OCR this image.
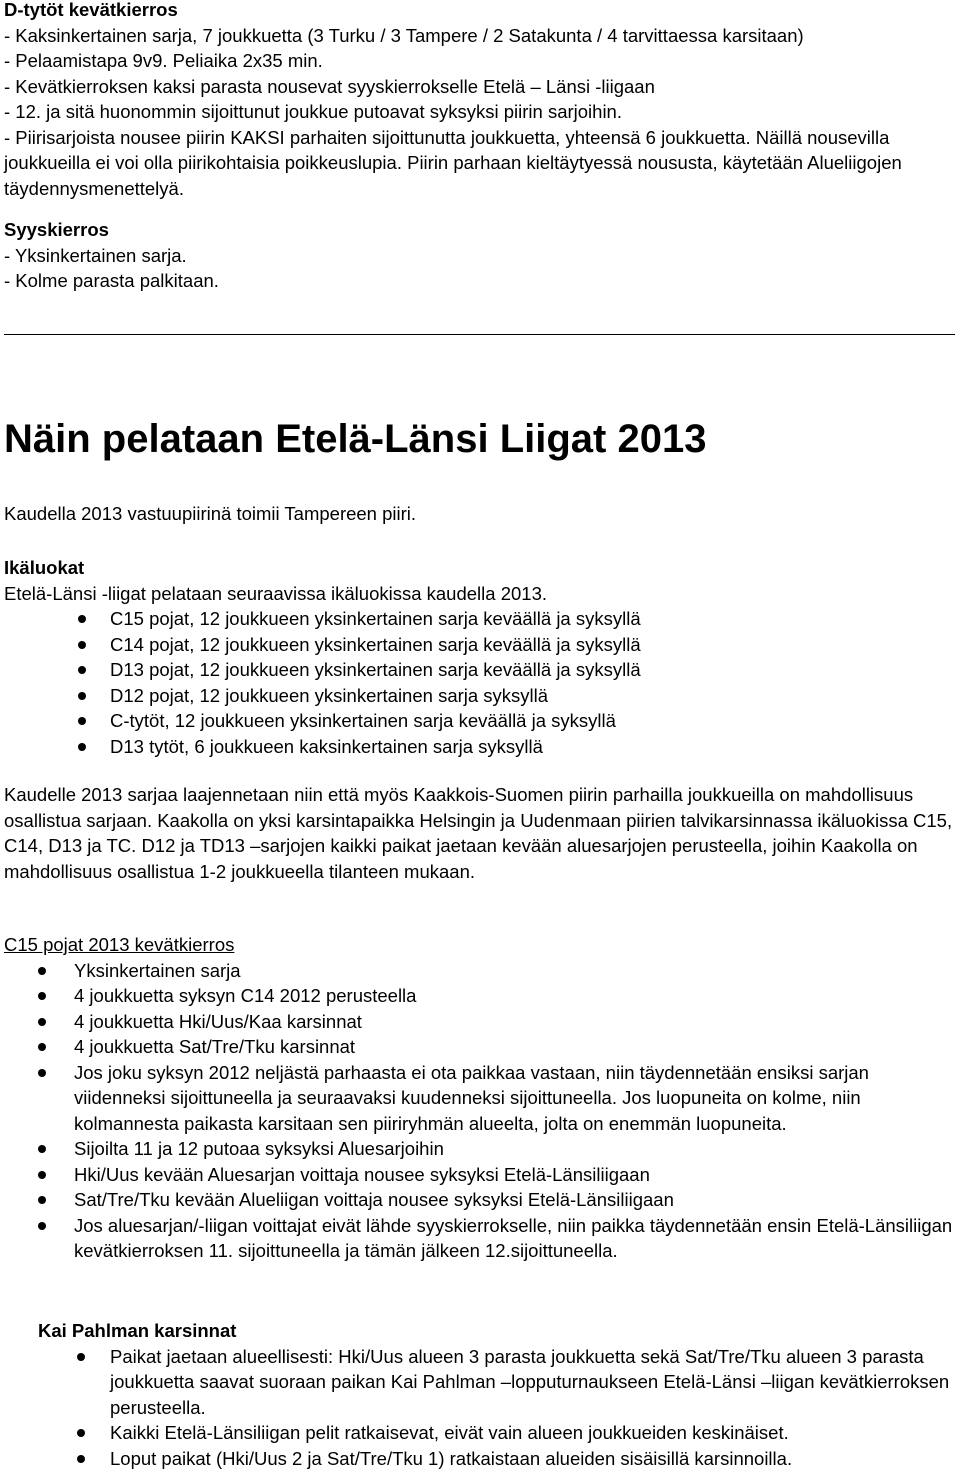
D-tytöt kevätkierros

- Kaksinkertainen sarja, 7 joukkuetta (3 Turku / 3 Tampere / 2 Satakunta / 4 tarvittaessa karsitaan)

- Pelaamistapa 9v9. Peliaika 2x35 min.

- Kevätkierroksen kaksi parasta nousevat syyskierrokselle Etelä – Länsi -liigaan

- 12. ja sitä huonommin sijoittunut joukkue putoavat syksyksi piirin sarjoihin.

- Piirisarjoista nousee piirin KAKSI parhaiten sijoittunutta joukkuetta, yhteensä 6 joukkuetta. Näillä nousevilla joukkueilla ei voi olla piirikohtaisia poikkeuslupia. Piirin parhaan kieltäytyessä noususta, käytetään Alueliigojen täydennysmenettelyä.

Syyskierros

- Yksinkertainen sarja.

- Kolme parasta palkitaan.

Näin pelataan Etelä-Länsi Liigat 2013

Kaudella 2013 vastuupiirinä toimii Tampereen piiri.

Ikäluokat

Etelä-Länsi -liigat pelataan seuraavissa ikäluokissa kaudella 2013.

C15 pojat, 12 joukkueen yksinkertainen sarja keväällä ja syksyllä
C14 pojat, 12 joukkueen yksinkertainen sarja keväällä ja syksyllä
D13 pojat, 12 joukkueen yksinkertainen sarja keväällä ja syksyllä
D12 pojat, 12 joukkueen yksinkertainen sarja syksyllä
C-tytöt, 12 joukkueen yksinkertainen sarja keväällä ja syksyllä
D13 tytöt, 6 joukkueen kaksinkertainen sarja syksyllä

Kaudelle 2013 sarjaa laajennetaan niin että myös Kaakkois-Suomen piirin parhailla joukkueilla on mahdollisuus osallistua sarjaan. Kaakolla on yksi karsintapaikka Helsingin ja Uudenmaan piirien talvikarsinnassa ikäluokissa C15, C14, D13 ja TC. D12 ja TD13 –sarjojen kaikki paikat jaetaan kevään aluesarjojen perusteella, joihin Kaakolla on mahdollisuus osallistua 1-2 joukkueella tilanteen mukaan.

C15 pojat 2013 kevätkierros

Yksinkertainen sarja
4 joukkuetta syksyn C14 2012 perusteella
4 joukkuetta Hki/Uus/Kaa karsinnat
4 joukkuetta Sat/Tre/Tku karsinnat
Jos joku syksyn 2012 neljästä parhaasta ei ota paikkaa vastaan, niin täydennetään ensiksi sarjan viidenneksi sijoittuneella ja seuraavaksi kuudenneksi sijoittuneella. Jos luopuneita on kolme, niin kolmannesta paikasta karsitaan sen piiriryhmän alueelta, jolta on enemmän luopuneita.
Sijoilta 11 ja 12 putoaa syksyksi Aluesarjoihin
Hki/Uus kevään Aluesarjan voittaja nousee syksyksi Etelä-Länsiliigaan
Sat/Tre/Tku kevään Alueliigan voittaja nousee syksyksi Etelä-Länsiliigaan
Jos aluesarjan/-liigan voittajat eivät lähde syyskierrokselle, niin paikka täydennetään ensin Etelä-Länsiliigan kevätkierroksen 11. sijoittuneella ja tämän jälkeen 12.sijoittuneella.

Kai Pahlman karsinnat

Paikat jaetaan alueellisesti: Hki/Uus alueen 3 parasta joukkuetta sekä Sat/Tre/Tku alueen 3 parasta joukkuetta saavat suoraan paikan Kai Pahlman –lopputurnaukseen Etelä-Länsi –liigan kevätkierroksen perusteella.
Kaikki Etelä-Länsiliigan pelit ratkaisevat, eivät vain alueen joukkueiden keskinäiset.
Loput paikat (Hki/Uus 2 ja Sat/Tre/Tku 1) ratkaistaan alueiden sisäisillä karsinnoilla.
